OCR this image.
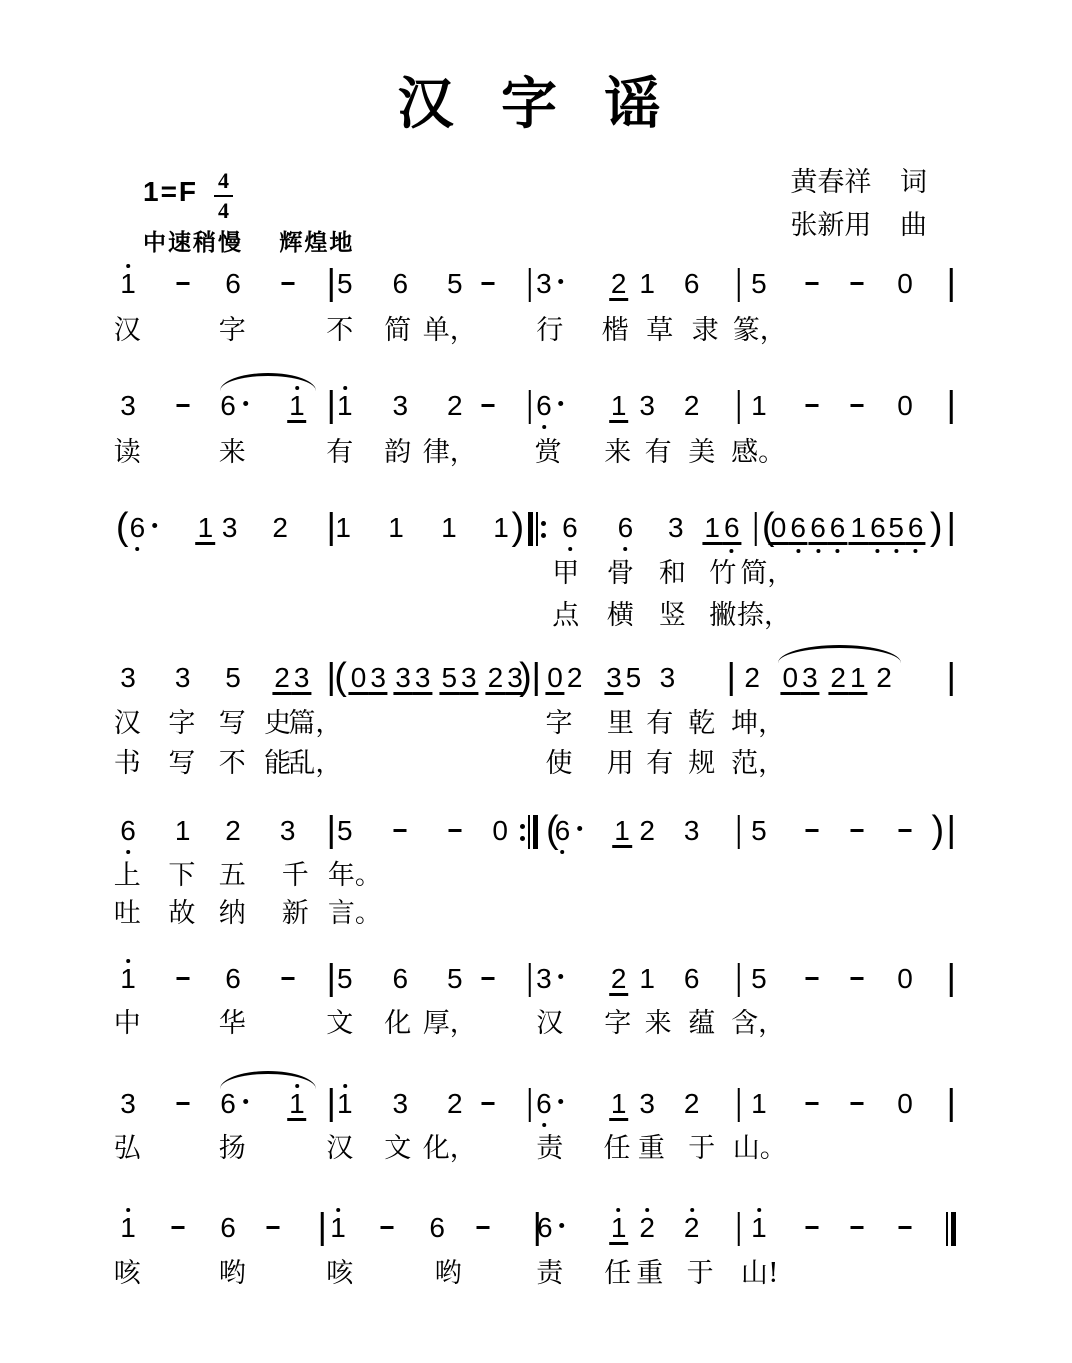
汉 字 谣
$1=F \frac{4}{4}$
中速稍慢 辉煌地
黄春祥 词
张新用 曲
1	6	5 6 5	3	2 1 6 5	0
汉	字	不 简 单， 行 楷 草 隶 篆，
3	6	1 1 3 2	6	1 3 2 1	0
读	来	有 韵 律， 赏 来 有 美 感。
( 6	1 3 2 1 1 1 1 ) 6 6 3 1 6 (
0 6 6 6 1 6 5 6 )
甲 骨 和 竹 简，
点 横 竖 撇 捺，
3 3 5 2 3 ( 0 3 3 3 5 3 2 3
) 0 2 3 5 3 2 0 3 2 1 2
汉 字 写 史
篇，	字 里 有 乾 坤，
书 写 不 能
乱，	使 用 有 规 范，
6 1 2 3 5	0 (
6	1 2 3 5	)
上 下 五 千 年。
吐 故 纳 新 言。
1	6	5 6 5	3	2 1 6 5	0
中	华	文 化 厚， 汉 字 来 蕴 含，
3	6	1 1 3 2	6	1 3 2 1	0
弘	扬	汉 文 化， 责 任 重 于 山。
1	6	1	6	6	1 2 2 1
咳	哟	咳	哟	责 任 重 于 山!
